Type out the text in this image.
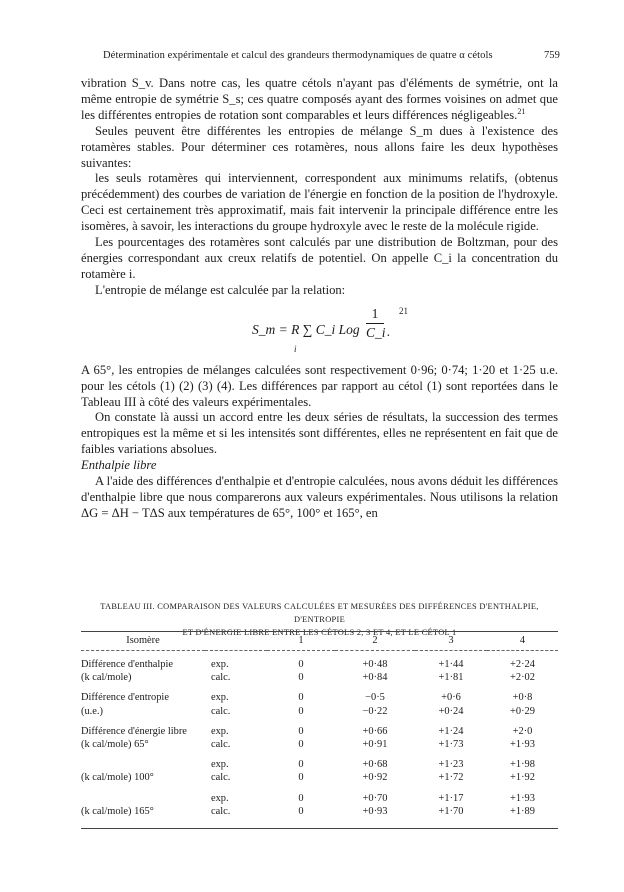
Détermination expérimentale et calcul des grandeurs thermodynamiques de quatre α cétols	759

vibration S_v. Dans notre cas, les quatre cétols n'ayant pas d'éléments de symétrie, ont la même entropie de symétrie S_s; ces quatre composés ayant des formes voisines on admet que les différentes entropies de rotation sont comparables et leurs différences négligeables.$^{21}$

Seules peuvent être différentes les entropies de mélange S_m dues à l'existence des rotamères stables. Pour déterminer ces rotamères, nous allons faire les deux hypothèses suivantes:

les seuls rotamères qui interviennent, correspondent aux minimums relatifs, (obtenus précédemment) des courbes de variation de l'énergie en fonction de la position de l'hydroxyle. Ceci est certainement très approximatif, mais fait intervenir la principale différence entre les isomères, à savoir, les interactions du groupe hydroxyle avec le reste de la molécule rigide.

Les pourcentages des rotamères sont calculés par une distribution de Boltzman, pour des énergies correspondant aux creux relatifs de potentiel. On appelle C_i la concentration du rotamère i.

L'entropie de mélange est calculée par la relation:

S_m = R ∑ C_i Log $\frac{1}{C\_i}$ .
21
i

A 65°, les entropies de mélanges calculées sont respectivement 0·96; 0·74; 1·20 et 1·25 u.e. pour les cétols (1) (2) (3) (4). Les différences par rapport au cétol (1) sont reportées dans le Tableau III à côté des valeurs expérimentales.

On constate là aussi un accord entre les deux séries de résultats, la succession des termes entropiques est la même et si les intensités sont différentes, elles ne représentent en fait que de faibles variations absolues.

Enthalpie libre

A l'aide des différences d'enthalpie et d'entropie calculées, nous avons déduit les différences d'enthalpie libre que nous comparerons aux valeurs expérimentales. Nous utilisons la relation ΔG = ΔH − TΔS aux températures de 65°, 100° et 165°, en

TABLEAU III. COMPARAISON DES VALEURS CALCULÉES ET MESURÉES DES DIFFÉRENCES D'ENTHALPIE, D'ENTROPIE
ET D'ÉNERGIE LIBRE ENTRE LES CÉTOLS 2, 3 ET 4, ET LE CÉTOL 1
Isomère		1	2	3	4
Différence d'enthalpie	exp.	0	+0·48	+1·44	+2·24
(k cal/mole)	calc.	0	+0·84	+1·81	+2·02
Différence d'entropie	exp.	0	−0·5	+0·6	+0·8
(u.e.)	calc.	0	−0·22	+0·24	+0·29
Différence d'énergie libre	exp.	0	+0·66	+1·24	+2·0
(k cal/mole) 65°	calc.	0	+0·91	+1·73	+1·93
	exp.	0	+0·68	+1·23	+1·98
(k cal/mole) 100°	calc.	0	+0·92	+1·72	+1·92
	exp.	0	+0·70	+1·17	+1·93
(k cal/mole) 165°	calc.	0	+0·93	+1·70	+1·89
